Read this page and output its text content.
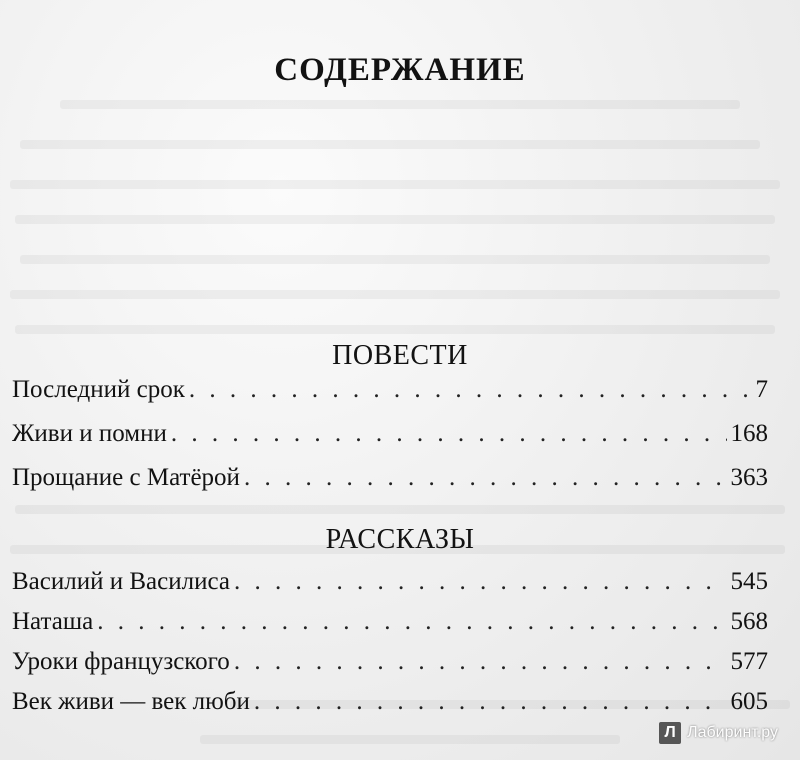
СОДЕРЖАНИЕ
ПОВЕСТИ
Последний срок . . .	7
Живи и помни . . .	168
Прощание с Матёрой . . .	363
РАССКАЗЫ
Василий и Василиса . . .	545
Наташа . . .	568
Уроки французского . . .	577
Век живи — век люби . . .	605
Л Лабиринт.ру
